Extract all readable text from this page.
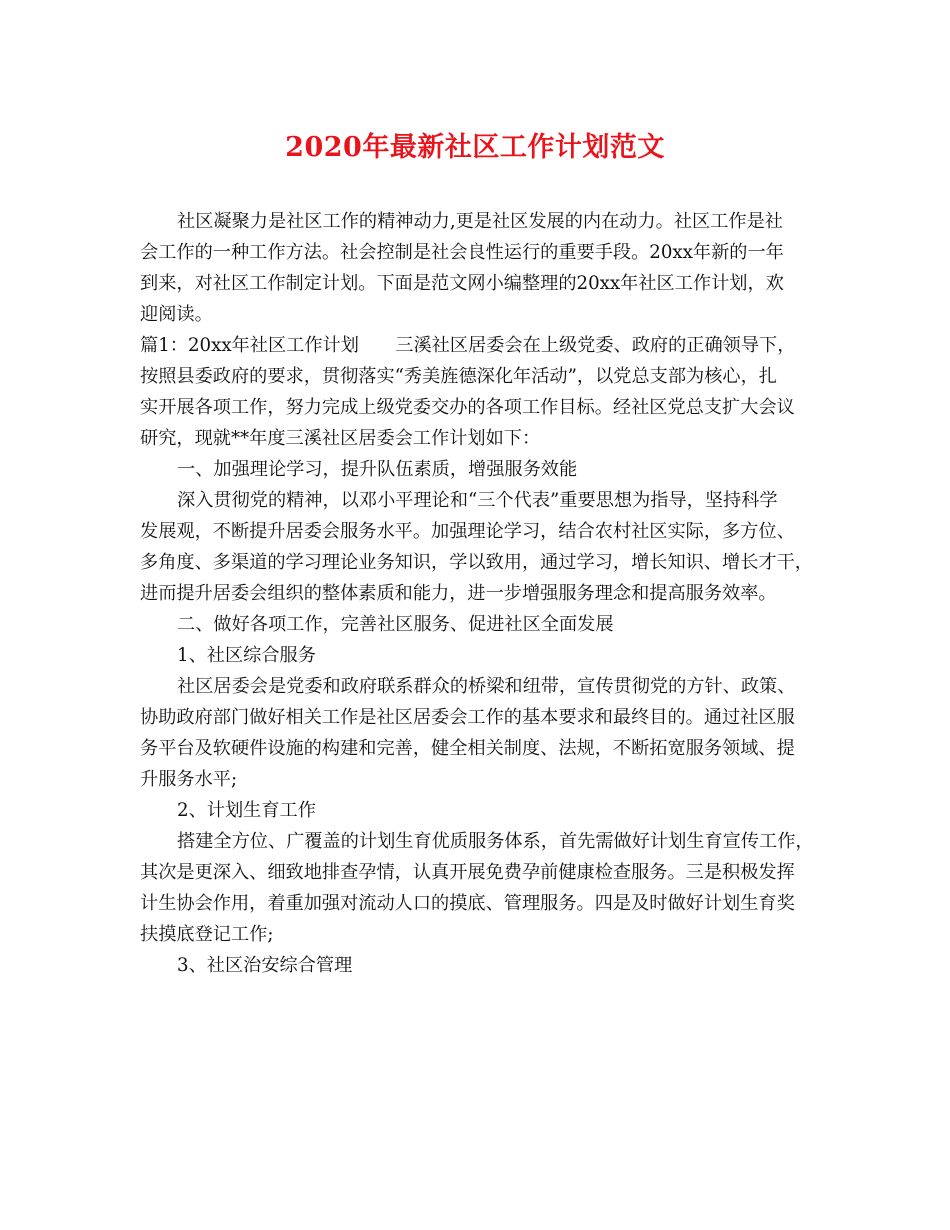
2020年最新社区工作计划范文
社区凝聚力是社区工作的精神动力,更是社区发展的内在动力。社区工作是社
会工作的一种工作方法。社会控制是社会良性运行的重要手段。20xx年新的一年
到来，对社区工作制定计划。下面是范文网小编整理的20xx年社区工作计划，欢
迎阅读。
篇1：20xx年社区工作计划　　三溪社区居委会在上级党委、政府的正确领导下，
按照县委政府的要求，贯彻落实“秀美旌德深化年活动”，以党总支部为核心，扎
实开展各项工作，努力完成上级党委交办的各项工作目标。经社区党总支扩大会议
研究，现就**年度三溪社区居委会工作计划如下：
一、加强理论学习，提升队伍素质，增强服务效能
深入贯彻党的精神，以邓小平理论和“三个代表”重要思想为指导，坚持科学
发展观，不断提升居委会服务水平。加强理论学习，结合农村社区实际，多方位、
多角度、多渠道的学习理论业务知识，学以致用，通过学习，增长知识、增长才干，
进而提升居委会组织的整体素质和能力，进一步增强服务理念和提高服务效率。
二、做好各项工作，完善社区服务、促进社区全面发展
1、社区综合服务
社区居委会是党委和政府联系群众的桥梁和纽带，宣传贯彻党的方针、政策、
协助政府部门做好相关工作是社区居委会工作的基本要求和最终目的。通过社区服
务平台及软硬件设施的构建和完善，健全相关制度、法规，不断拓宽服务领域、提
升服务水平;
2、计划生育工作
搭建全方位、广覆盖的计划生育优质服务体系，首先需做好计划生育宣传工作，
其次是更深入、细致地排查孕情，认真开展免费孕前健康检查服务。三是积极发挥
计生协会作用，着重加强对流动人口的摸底、管理服务。四是及时做好计划生育奖
扶摸底登记工作;
3、社区治安综合管理
